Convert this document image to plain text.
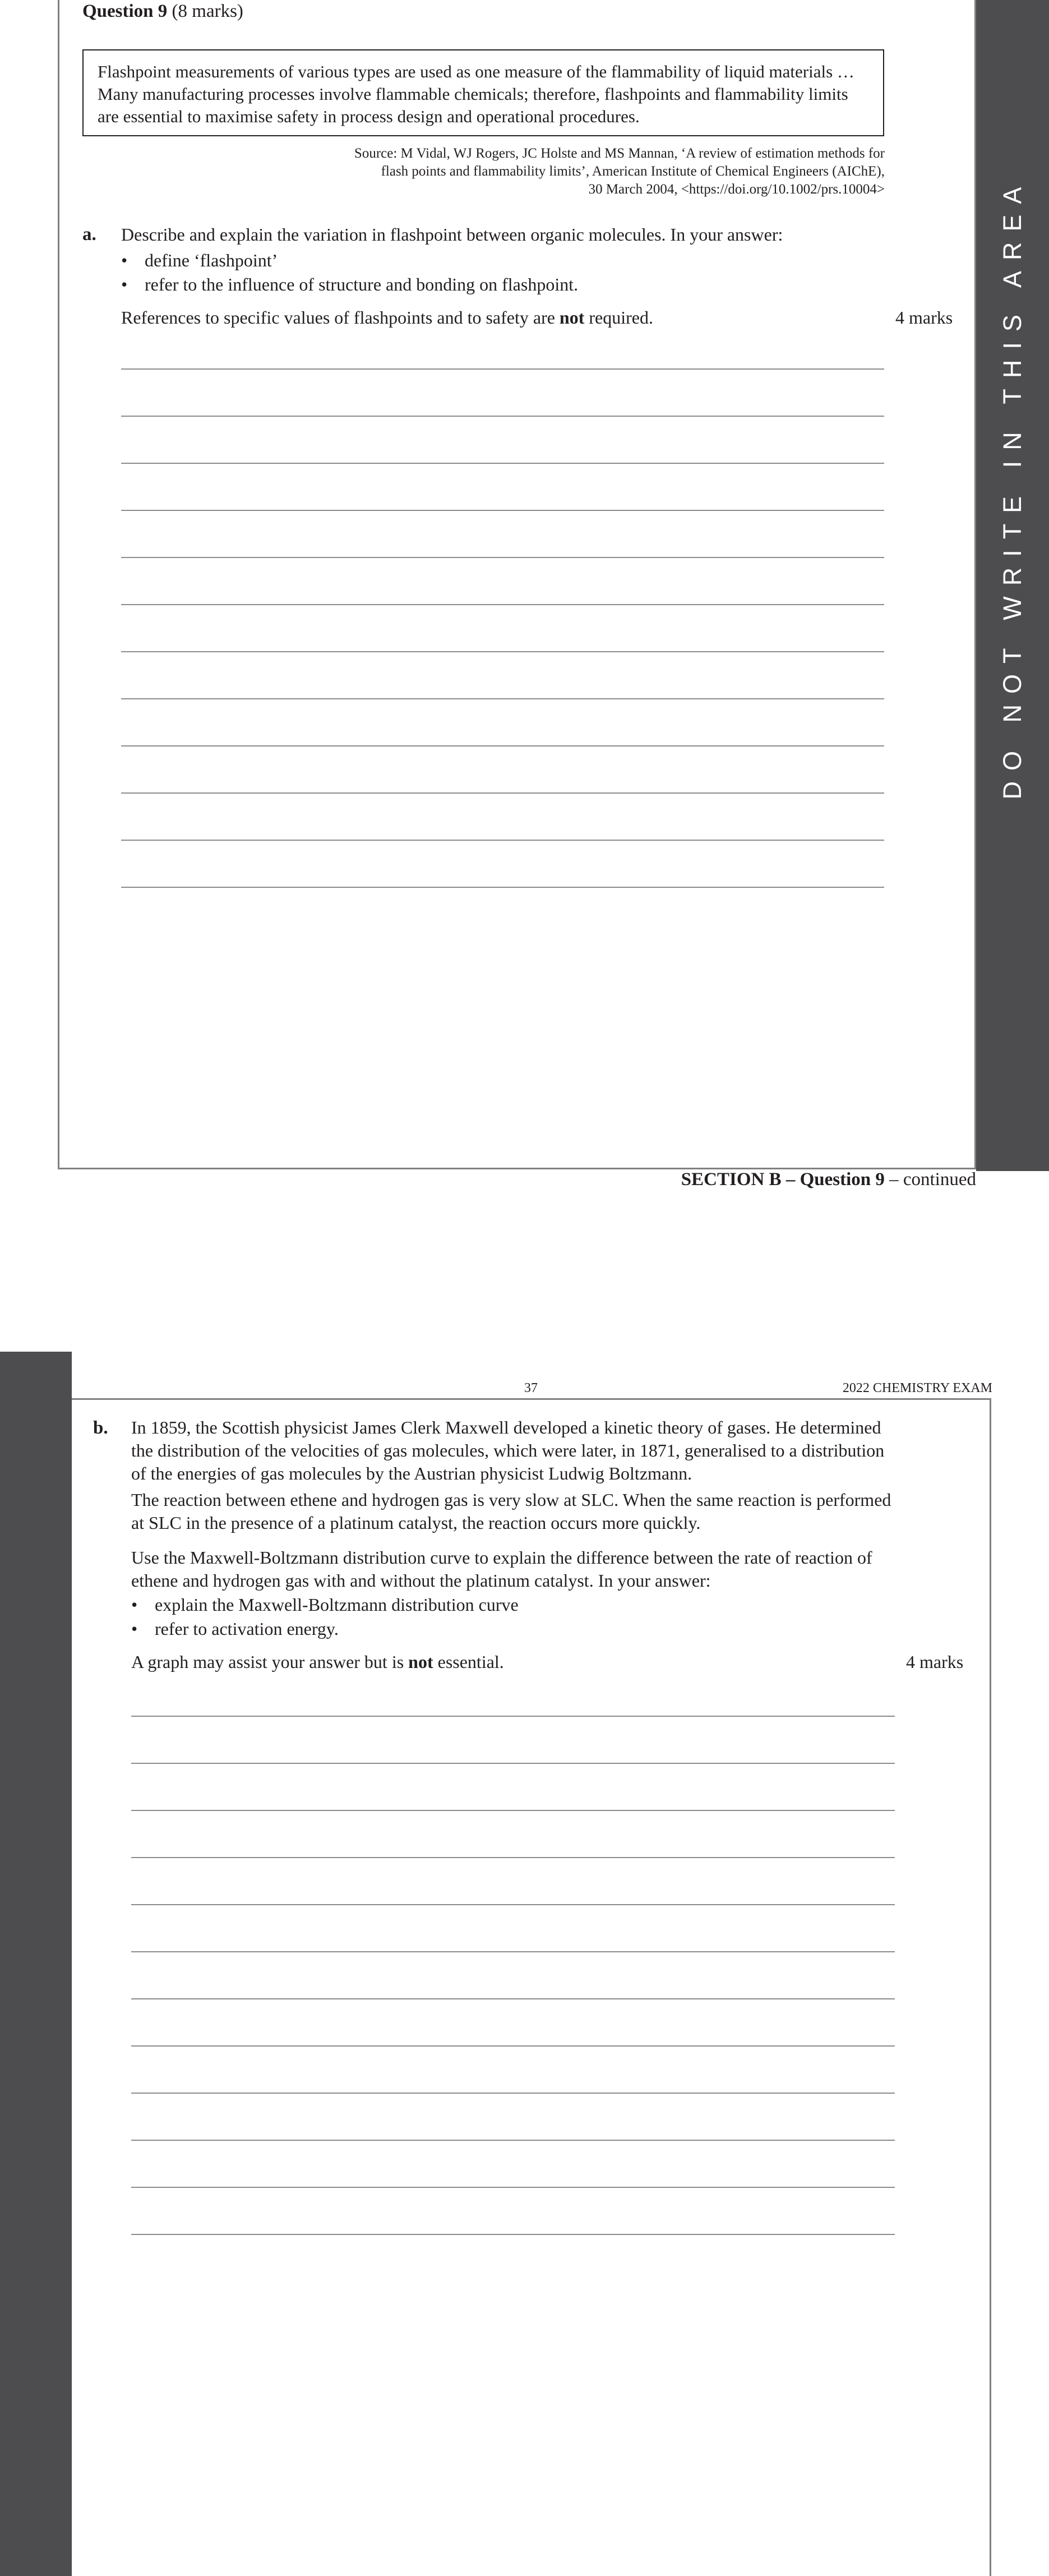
DO NOT WRITE IN THIS AREA
Question 9 (8 marks)
Flashpoint measurements of various types are used as one measure of the flammability of liquid materials … Many manufacturing processes involve flammable chemicals; therefore, flashpoints and flammability limits are essential to maximise safety in process design and operational procedures.
Source: M Vidal, WJ Rogers, JC Holste and MS Mannan, ‘A review of estimation methods for
flash points and flammability limits’, American Institute of Chemical Engineers (AIChE),
30 March 2004, <https://doi.org/10.1002/prs.10004>
a. Describe and explain the variation in flashpoint between organic molecules. In your answer:
• define ‘flashpoint’
• refer to the influence of structure and bonding on flashpoint.
References to specific values of flashpoints and to safety are not required.	4 marks
SECTION B – Question 9 – continued
37	2022 CHEMISTRY EXAM
b. In 1859, the Scottish physicist James Clerk Maxwell developed a kinetic theory of gases. He determined the distribution of the velocities of gas molecules, which were later, in 1871, generalised to a distribution of the energies of gas molecules by the Austrian physicist Ludwig Boltzmann.
The reaction between ethene and hydrogen gas is very slow at SLC. When the same reaction is performed at SLC in the presence of a platinum catalyst, the reaction occurs more quickly.
Use the Maxwell-Boltzmann distribution curve to explain the difference between the rate of reaction of ethene and hydrogen gas with and without the platinum catalyst. In your answer:
• explain the Maxwell-Boltzmann distribution curve
• refer to activation energy.
A graph may assist your answer but is not essential.	4 marks
